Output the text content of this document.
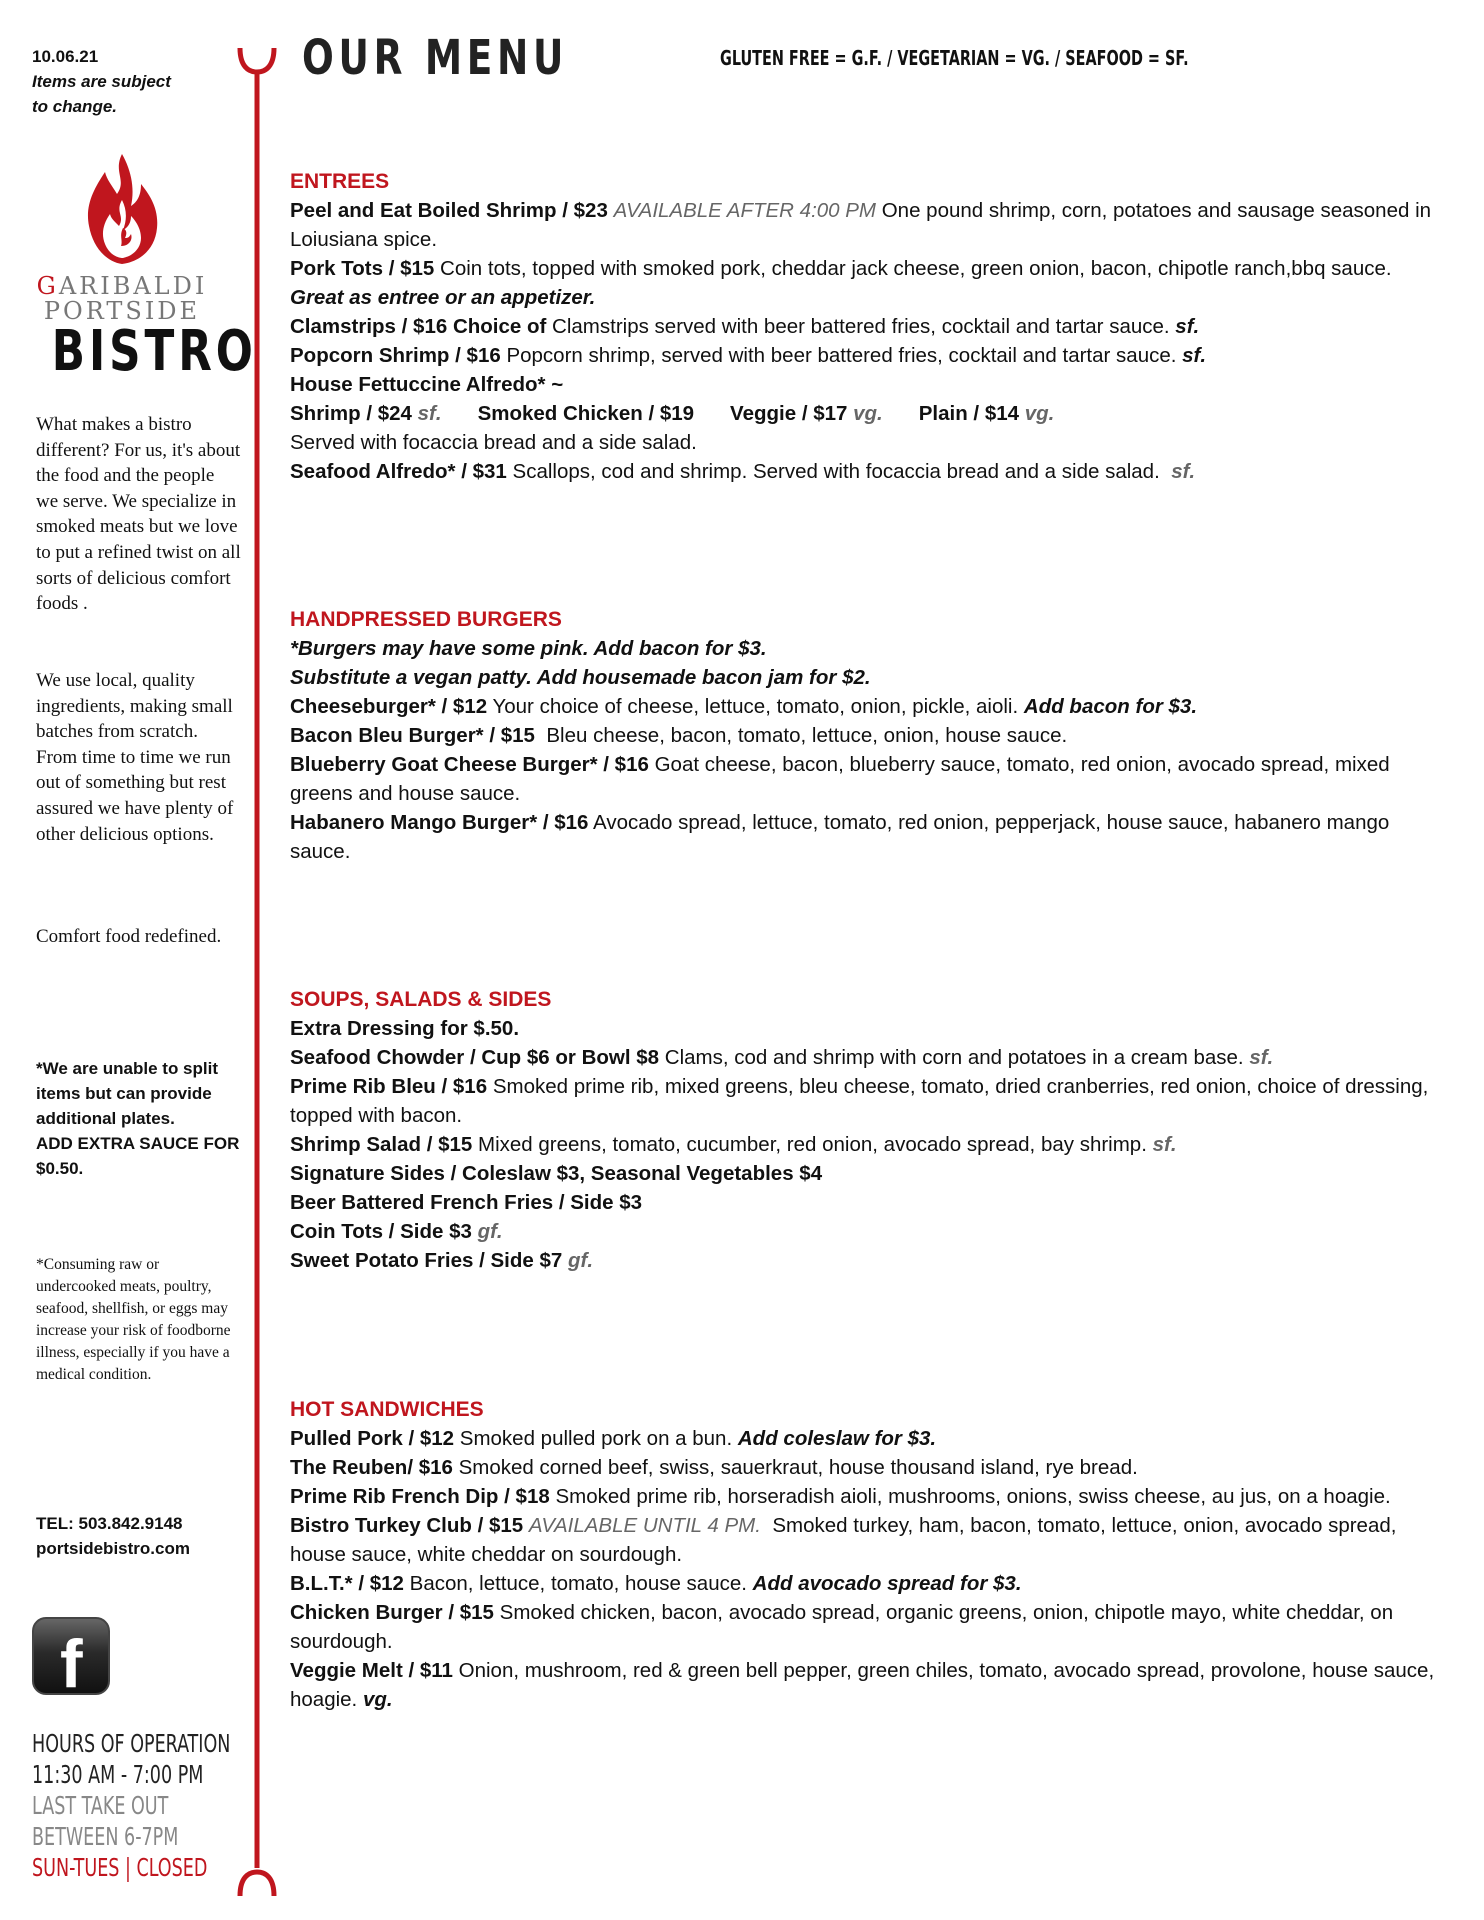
10.06.21
Items are subject
to change.
GARIBALDI
PORTSIDE
BISTRO
What makes a bistro different? For us, it's about the food and the people we serve. We specialize in smoked meats but we love to put a refined twist on all sorts of delicious comfort foods .
We use local, quality ingredients, making small batches from scratch. From time to time we run out of something but rest assured we have plenty of other delicious options.
Comfort food redefined.
*We are unable to split items but can provide additional plates.
ADD EXTRA SAUCE FOR $0.50.
*Consuming raw or undercooked meats, poultry, seafood, shellfish, or eggs may increase your risk of foodborne illness, especially if you have a medical condition.
TEL: 503.842.9148
portsidebistro.com
f
HOURS OF OPERATION
11:30 AM - 7:00 PM
LAST TAKE OUT
BETWEEN 6-7PM
SUN-TUES | CLOSED
OUR MENU	GLUTEN FREE = G.F. / VEGETARIAN = VG. / SEAFOOD = SF.

ENTREES

Peel and Eat Boiled Shrimp / $23 AVAILABLE AFTER 4:00 PM One pound shrimp, corn, potatoes and sausage seasoned in Loiusiana spice.

Pork Tots / $15 Coin tots, topped with smoked pork, cheddar jack cheese, green onion, bacon, chipotle ranch,bbq sauce. Great as entree or an appetizer.

Clamstrips / $16 Choice of Clamstrips served with beer battered fries, cocktail and tartar sauce. sf.

Popcorn Shrimp / $16 Popcorn shrimp, served with beer battered fries, cocktail and tartar sauce. sf.

House Fettuccine Alfredo* ~

Shrimp / $24 sf. Smoked Chicken / $19 Veggie / $17 vg. Plain / $14 vg.

Served with focaccia bread and a side salad.

Seafood Alfredo* / $31 Scallops, cod and shrimp. Served with focaccia bread and a side salad. sf.

HANDPRESSED BURGERS

*Burgers may have some pink. Add bacon for $3.

Substitute a vegan patty. Add housemade bacon jam for $2.

Cheeseburger* / $12 Your choice of cheese, lettuce, tomato, onion, pickle, aioli. Add bacon for $3.

Bacon Bleu Burger* / $15 Bleu cheese, bacon, tomato, lettuce, onion, house sauce.

Blueberry Goat Cheese Burger* / $16 Goat cheese, bacon, blueberry sauce, tomato, red onion, avocado spread, mixed greens and house sauce.

Habanero Mango Burger* / $16 Avocado spread, lettuce, tomato, red onion, pepperjack, house sauce, habanero mango sauce.

SOUPS, SALADS & SIDES

Extra Dressing for $.50.

Seafood Chowder / Cup $6 or Bowl $8 Clams, cod and shrimp with corn and potatoes in a cream base. sf.

Prime Rib Bleu / $16 Smoked prime rib, mixed greens, bleu cheese, tomato, dried cranberries, red onion, choice of dressing, topped with bacon.

Shrimp Salad / $15 Mixed greens, tomato, cucumber, red onion, avocado spread, bay shrimp. sf.

Signature Sides / Coleslaw $3, Seasonal Vegetables $4

Beer Battered French Fries / Side $3

Coin Tots / Side $3 gf.

Sweet Potato Fries / Side $7 gf.

HOT SANDWICHES

Pulled Pork / $12 Smoked pulled pork on a bun. Add coleslaw for $3.

The Reuben/ $16 Smoked corned beef, swiss, sauerkraut, house thousand island, rye bread.

Prime Rib French Dip / $18 Smoked prime rib, horseradish aioli, mushrooms, onions, swiss cheese, au jus, on a hoagie.

Bistro Turkey Club / $15 AVAILABLE UNTIL 4 PM. Smoked turkey, ham, bacon, tomato, lettuce, onion, avocado spread, house sauce, white cheddar on sourdough.

B.L.T.* / $12 Bacon, lettuce, tomato, house sauce. Add avocado spread for $3.

Chicken Burger / $15 Smoked chicken, bacon, avocado spread, organic greens, onion, chipotle mayo, white cheddar, on sourdough.

Veggie Melt / $11 Onion, mushroom, red & green bell pepper, green chiles, tomato, avocado spread, provolone, house sauce, hoagie. vg.
